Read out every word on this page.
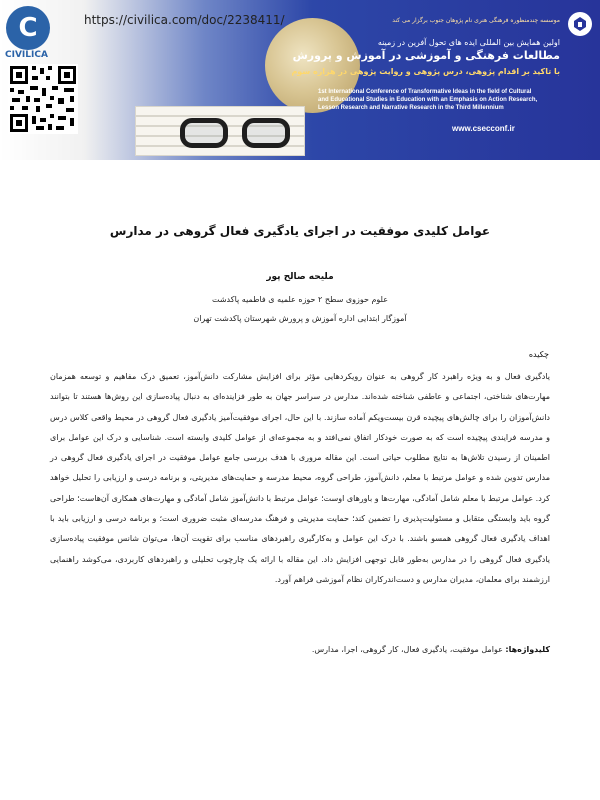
C
CIVILICA
https://civilica.com/doc/2238411/	موسسه چندمنظوره فرهنگی هنری نام پژوهان جنوب برگزار می کند
اولین همایش بین المللی ایده های تحول آفرین در زمینه
مطالعات فرهنگی و آموزشی در آموزش و پرورش
با تاکید بر اقدام پژوهی، درس پژوهی و روایت پژوهی در هزاره سوم
1st International Conference of Transformative Ideas in the field of Cultural
and Educational Studies in Education with an Emphasis on Action Research,
Lesson Research and Narrative Research in the Third Millennium
www.csecconf.ir
عوامل کلیدی موفقیت در اجرای یادگیری فعال گروهی در مدارس
ملیحه صالح پور
علوم حوزوی سطح ۲ حوزه علمیه ی فاطمیه پاکدشت
آموزگار ابتدایی اداره آموزش و پرورش شهرستان پاکدشت تهران
چکیده
یادگیری فعال و به ویژه راهبرد کار گروهی به عنوان رویکردهایی مؤثر برای افزایش مشارکت دانش‌آموز، تعمیق درک مفاهیم و توسعه همزمان مهارت‌های شناختی، اجتماعی و عاطفی شناخته شده‌اند. مدارس در سراسر جهان به طور فزاینده‌ای به دنبال پیاده‌سازی این روش‌ها هستند تا بتوانند دانش‌آموزان را برای چالش‌های پیچیده قرن بیست‌ویکم آماده سازند. با این حال، اجرای موفقیت‌آمیز یادگیری فعال گروهی در محیط واقعی کلاس درس و مدرسه فرایندی پیچیده است که به صورت خودکار اتفاق نمی‌افتد و به مجموعه‌ای از عوامل کلیدی وابسته است. شناسایی و درک این عوامل برای اطمینان از رسیدن تلاش‌ها به نتایج مطلوب حیاتی است. این مقاله مروری با هدف بررسی جامع عوامل موفقیت در اجرای یادگیری فعال گروهی در مدارس تدوین شده و عوامل مرتبط با معلم، دانش‌آموز، طراحی گروه، محیط مدرسه و حمایت‌های مدیریتی، و برنامه درسی و ارزیابی را تحلیل خواهد کرد. عوامل مرتبط با معلم شامل آمادگی، مهارت‌ها و باورهای اوست؛ عوامل مرتبط با دانش‌آموز شامل آمادگی و مهارت‌های همکاری آن‌هاست؛ طراحی گروه باید وابستگی متقابل و مسئولیت‌پذیری را تضمین کند؛ حمایت مدیریتی و فرهنگ مدرسه‌ای مثبت ضروری است؛ و برنامه درسی و ارزیابی باید با اهداف یادگیری فعال گروهی همسو باشند. با درک این عوامل و به‌کارگیری راهبردهای مناسب برای تقویت آن‌ها، می‌توان شانس موفقیت پیاده‌سازی یادگیری فعال گروهی را در مدارس به‌طور قابل توجهی افزایش داد. این مقاله با ارائه یک چارچوب تحلیلی و راهبردهای کاربردی، می‌کوشد راهنمایی ارزشمند برای معلمان، مدیران مدارس و دست‌اندرکاران نظام آموزشی فراهم آورد.
کلیدواژه‌ها: عوامل موفقیت، یادگیری فعال، کار گروهی، اجرا، مدارس.
